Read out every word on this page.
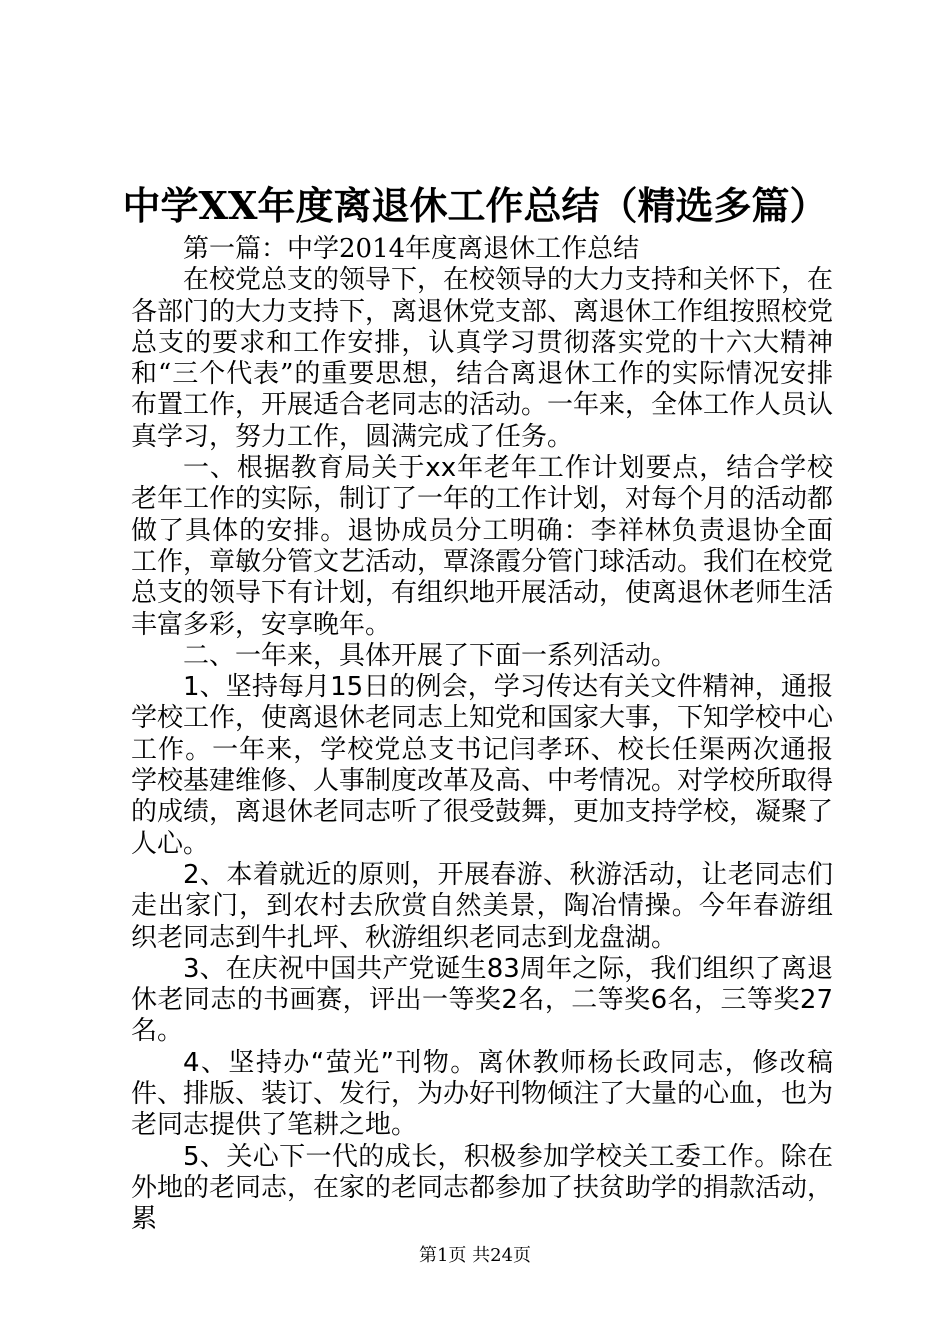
中学XX年度离退休工作总结（精选多篇）

第一篇：中学2014年度离退休工作总结

在校党总支的领导下，在校领导的大力支持和关怀下，在各部门的大力支持下，离退休党支部、离退休工作组按照校党总支的要求和工作安排，认真学习贯彻落实党的十六大精神和“三个代表”的重要思想，结合离退休工作的实际情况安排布置工作，开展适合老同志的活动。一年来，全体工作人员认真学习，努力工作，圆满完成了任务。

一、根据教育局关于xx年老年工作计划要点，结合学校老年工作的实际，制订了一年的工作计划，对每个月的活动都做了具体的安排。退协成员分工明确：李祥林负责退协全面工作，章敏分管文艺活动，覃涤霞分管门球活动。我们在校党总支的领导下有计划，有组织地开展活动，使离退休老师生活丰富多彩，安享晚年。

二、一年来，具体开展了下面一系列活动。

1、坚持每月15日的例会，学习传达有关文件精神，通报学校工作，使离退休老同志上知党和国家大事，下知学校中心工作。一年来，学校党总支书记闫孝环、校长任渠两次通报学校基建维修、人事制度改革及高、中考情况。对学校所取得的成绩，离退休老同志听了很受鼓舞，更加支持学校，凝聚了人心。

2、本着就近的原则，开展春游、秋游活动，让老同志们走出家门，到农村去欣赏自然美景，陶冶情操。今年春游组织老同志到牛扎坪、秋游组织老同志到龙盘湖。

3、在庆祝中国共产党诞生83周年之际，我们组织了离退休老同志的书画赛，评出一等奖2名，二等奖6名，三等奖27名。

4、坚持办“萤光”刊物。离休教师杨长政同志，修改稿件、排版、装订、发行，为办好刊物倾注了大量的心血，也为老同志提供了笔耕之地。

5、关心下一代的成长，积极参加学校关工委工作。除在外地的老同志，在家的老同志都参加了扶贫助学的捐款活动，累

第1页 共24页
